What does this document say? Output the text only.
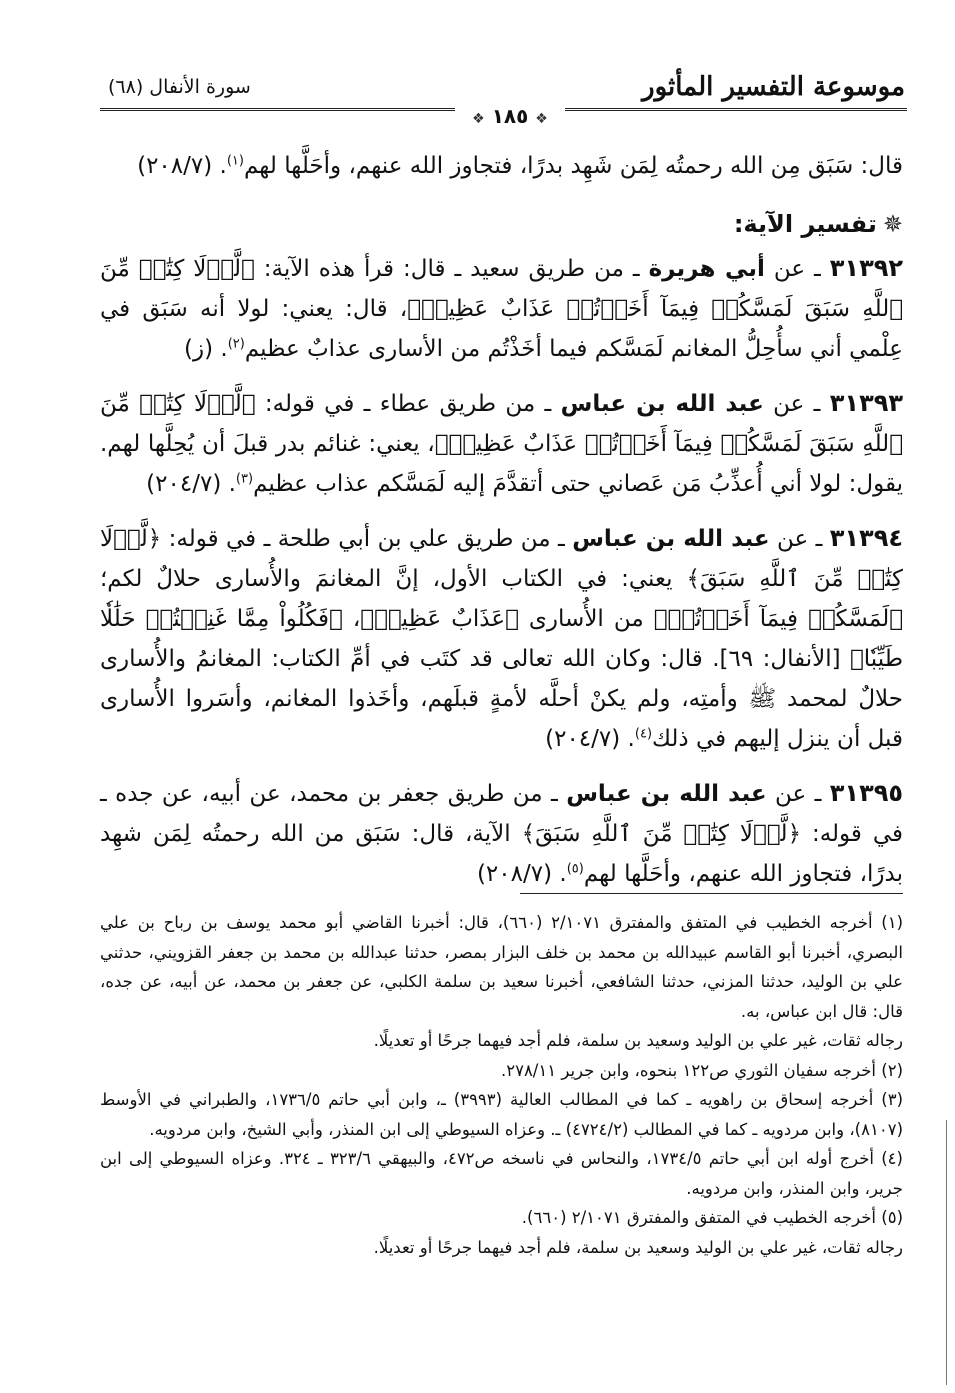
موسوعة التفسير المأثور
سورة الأنفال (٦٨)
❖ ١٨٥ ❖

قال: سَبَق مِن الله رحمتُه لِمَن شَهِد بدرًا، فتجاوز الله عنهم، وأحَلَّها لهم$^{(١)}$. (٢٠٨/٧)

✵تفسير الآية:

٣١٣٩٢ ـ عن أبي هريرة ـ من طريق سعيد ـ قال: قرأ هذه الآية: ﴿لَّوۡلَا كِتَٰبٞ مِّنَ ٱللَّهِ سَبَقَ لَمَسَّكُمۡ فِيمَآ أَخَذۡتُمۡ عَذَابٌ عَظِيمٞ﴾، قال: يعني: لولا أنه سَبَق في عِلْمي أني سأُحِلُّ المغانم لَمَسَّكم فيما أخَذْتُم من الأسارى عذابٌ عظيم$^{(٢)}$. (ز)

٣١٣٩٣ ـ عن عبد الله بن عباس ـ من طريق عطاء ـ في قوله: ﴿لَّوۡلَا كِتَٰبٞ مِّنَ ٱللَّهِ سَبَقَ لَمَسَّكُمۡ فِيمَآ أَخَذۡتُمۡ عَذَابٌ عَظِيمٞ﴾، يعني: غنائم بدر قبلَ أن يُحِلَّها لهم. يقول: لولا أني أُعذِّبُ مَن عَصاني حتى أتقدَّمَ إليه لَمَسَّكم عذاب عظيم$^{(٣)}$. (٢٠٤/٧)

٣١٣٩٤ ـ عن عبد الله بن عباس ـ من طريق علي بن أبي طلحة ـ في قوله: ﴿لَّوۡلَا كِتَٰبٞ مِّنَ ٱللَّهِ سَبَقَ﴾ يعني: في الكتاب الأول، إنَّ المغانمَ والأُسارى حلالٌ لكم؛ ﴿لَمَسَّكُمۡ فِيمَآ أَخَذۡتُمۡ﴾ من الأُسارى ﴿عَذَابٌ عَظِيمٞ﴾، ﴿فَكُلُواْ مِمَّا غَنِمۡتُمۡ حَلَٰلٗا طَيِّبٗا﴾ [الأنفال: ٦٩]. قال: وكان الله تعالى قد كتَب في أمِّ الكتاب: المغانمُ والأُسارى حلالٌ لمحمد ﷺ وأمتِه، ولم يكنْ أحلَّه لأمةٍ قبلَهم، وأخَذوا المغانم، وأسَروا الأُسارى قبل أن ينزل إليهم في ذلك$^{(٤)}$. (٢٠٤/٧)

٣١٣٩٥ ـ عن عبد الله بن عباس ـ من طريق جعفر بن محمد، عن أبيه، عن جده ـ في قوله: ﴿لَّوۡلَا كِتَٰبٞ مِّنَ ٱللَّهِ سَبَقَ﴾ الآية، قال: سَبَق من الله رحمتُه لِمَن شهِد بدرًا، فتجاوز الله عنهم، وأحَلَّها لهم$^{(٥)}$. (٢٠٨/٧)

(١) أخرجه الخطيب في المتفق والمفترق ٢/١٠٧١ (٦٦٠)، قال: أخبرنا القاضي أبو محمد يوسف بن رباح بن علي البصري، أخبرنا أبو القاسم عبيدالله بن محمد بن خلف البزار بمصر، حدثنا عبدالله بن محمد بن جعفر القزويني، حدثني علي بن الوليد، حدثنا المزني، حدثنا الشافعي، أخبرنا سعيد بن سلمة الكلبي، عن جعفر بن محمد، عن أبيه، عن جده، قال: قال ابن عباس، به.

رجاله ثقات، غير علي بن الوليد وسعيد بن سلمة، فلم أجد فيهما جرحًا أو تعديلًا.

(٢) أخرجه سفيان الثوري ص١٢٢ بنحوه، وابن جرير ٢٧٨/١١.

(٣) أخرجه إسحاق بن راهويه ـ كما في المطالب العالية (٣٩٩٣) ـ، وابن أبي حاتم ١٧٣٦/٥، والطبراني في الأوسط (٨١٠٧)، وابن مردويه ـ كما في المطالب (٤٧٢٤/٢) ـ. وعزاه السيوطي إلى ابن المنذر، وأبي الشيخ، وابن مردويه.

(٤) أخرج أوله ابن أبي حاتم ١٧٣٤/٥، والنحاس في ناسخه ص٤٧٢، والبيهقي ٣٢٣/٦ ـ ٣٢٤. وعزاه السيوطي إلى ابن جرير، وابن المنذر، وابن مردويه.

(٥) أخرجه الخطيب في المتفق والمفترق ٢/١٠٧١ (٦٦٠).

رجاله ثقات، غير علي بن الوليد وسعيد بن سلمة، فلم أجد فيهما جرحًا أو تعديلًا.
